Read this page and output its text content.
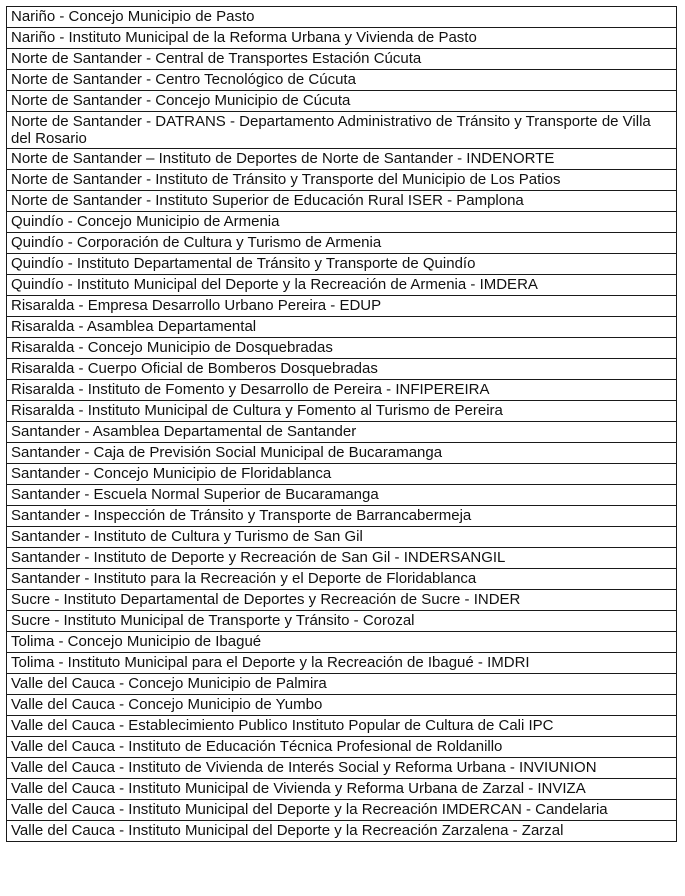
Nariño - Concejo Municipio de Pasto
Nariño - Instituto Municipal de la Reforma Urbana y Vivienda de Pasto
Norte de Santander - Central de Transportes Estación Cúcuta
Norte de Santander - Centro Tecnológico de Cúcuta
Norte de Santander - Concejo Municipio de Cúcuta
Norte de Santander - DATRANS - Departamento Administrativo de Tránsito y Transporte de Villa del Rosario
Norte de Santander – Instituto de Deportes de Norte de Santander - INDENORTE
Norte de Santander - Instituto de Tránsito y Transporte del Municipio de Los Patios
Norte de Santander - Instituto Superior de Educación Rural ISER - Pamplona
Quindío - Concejo Municipio de Armenia
Quindío - Corporación de Cultura y Turismo de Armenia
Quindío - Instituto Departamental de Tránsito y Transporte de Quindío
Quindío - Instituto Municipal del Deporte y la Recreación de Armenia - IMDERA
Risaralda - Empresa Desarrollo Urbano Pereira - EDUP
Risaralda - Asamblea Departamental
Risaralda - Concejo Municipio de Dosquebradas
Risaralda - Cuerpo Oficial de Bomberos Dosquebradas
Risaralda - Instituto de Fomento y Desarrollo de Pereira - INFIPEREIRA
Risaralda - Instituto Municipal de Cultura y Fomento al Turismo de Pereira
Santander - Asamblea Departamental de Santander
Santander - Caja de Previsión Social Municipal de Bucaramanga
Santander - Concejo Municipio de Floridablanca
Santander - Escuela Normal Superior de Bucaramanga
Santander - Inspección de Tránsito y Transporte de Barrancabermeja
Santander - Instituto de Cultura y Turismo de San Gil
Santander - Instituto de Deporte y Recreación de San Gil - INDERSANGIL
Santander - Instituto para la Recreación y el Deporte de Floridablanca
Sucre - Instituto Departamental de Deportes y Recreación de Sucre - INDER
Sucre - Instituto Municipal de Transporte y Tránsito - Corozal
Tolima - Concejo Municipio de Ibagué
Tolima - Instituto Municipal para el Deporte y la Recreación de Ibagué - IMDRI
Valle del Cauca - Concejo Municipio de Palmira
Valle del Cauca - Concejo Municipio de Yumbo
Valle del Cauca - Establecimiento Publico Instituto Popular de Cultura de Cali IPC
Valle del Cauca - Instituto de Educación Técnica Profesional de Roldanillo
Valle del Cauca - Instituto de Vivienda de Interés Social y Reforma Urbana - INVIUNION
Valle del Cauca - Instituto Municipal de Vivienda y Reforma Urbana de Zarzal - INVIZA
Valle del Cauca - Instituto Municipal del Deporte y la Recreación IMDERCAN - Candelaria
Valle del Cauca - Instituto Municipal del Deporte y la Recreación Zarzalena - Zarzal
